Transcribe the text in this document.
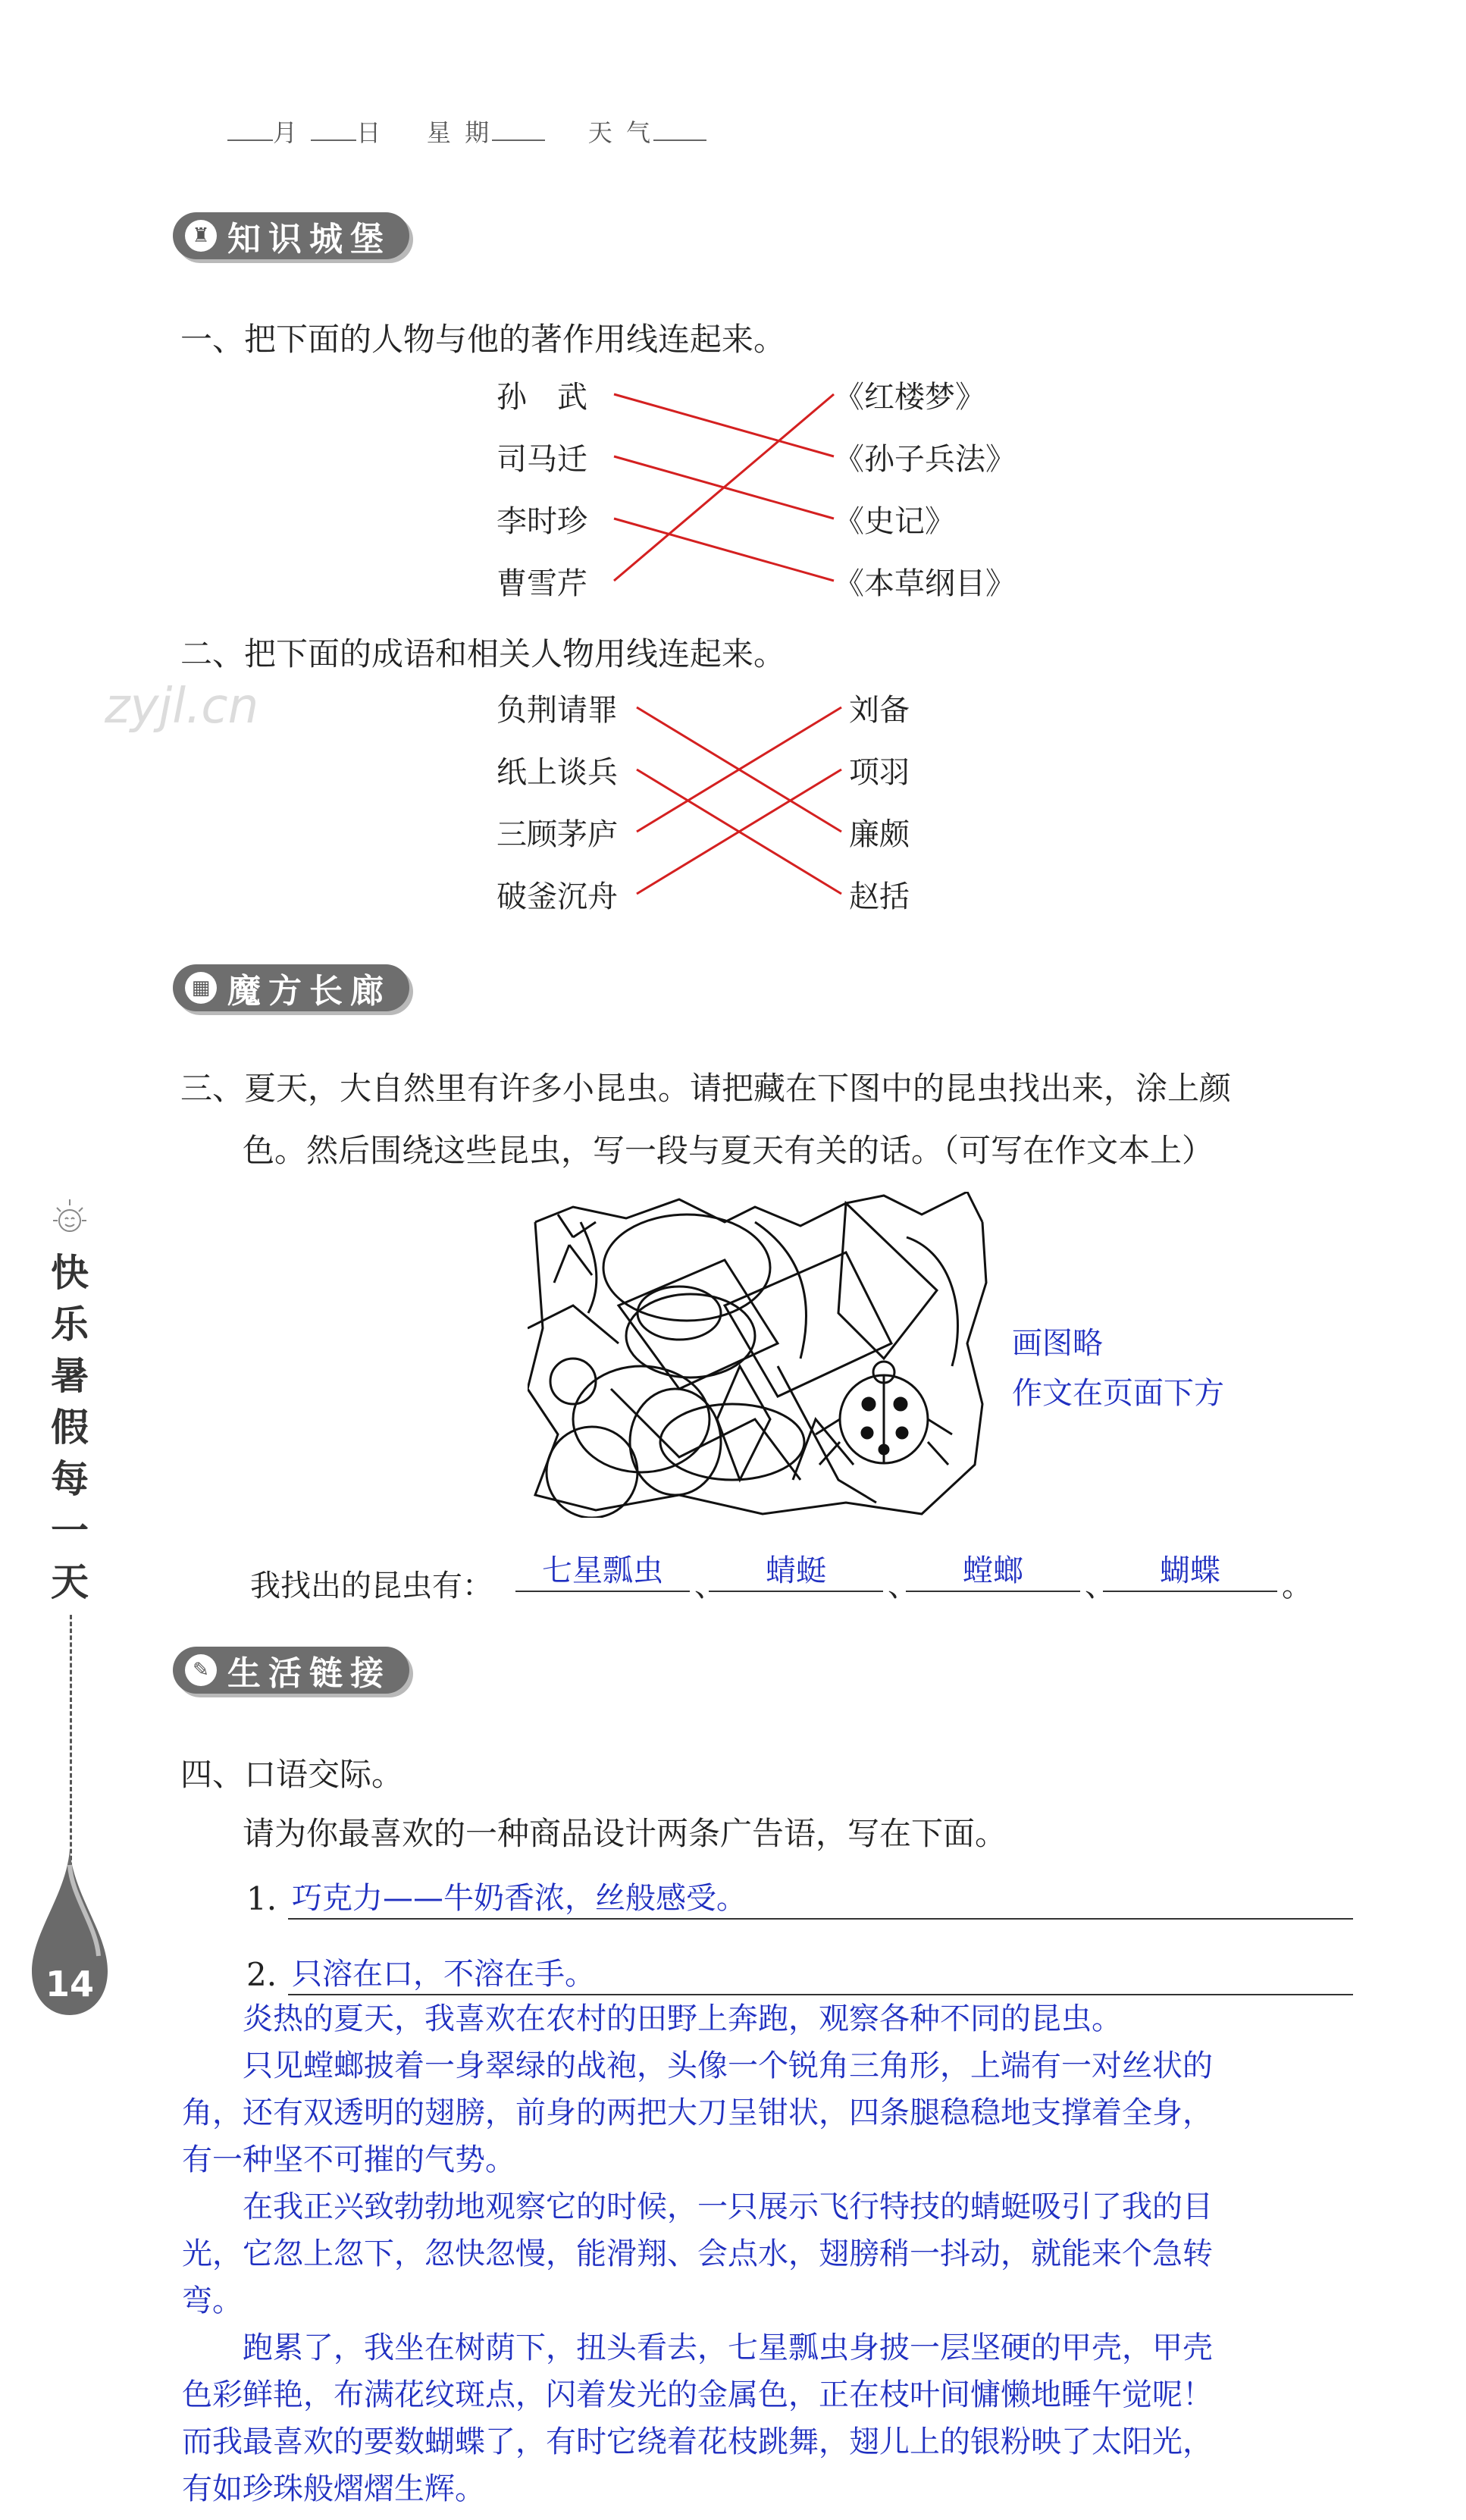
月 日 星 期	天 气
♜ 知识城堡
一、把下面的人物与他的著作用线连起来。
孙　武
司马迁
李时珍
曹雪芹
《红楼梦》
《孙子兵法》
《史记》
《本草纲目》
二、把下面的成语和相关人物用线连起来。
负荆请罪
纸上谈兵
三顾茅庐
破釜沉舟
刘备
项羽
廉颇
赵括
zyjl.cn
▦ 魔方长廊
三、夏天，大自然里有许多小昆虫。请把藏在下图中的昆虫找出来，涂上颜
色。然后围绕这些昆虫，写一段与夏天有关的话。（可写在作文本上）
画图略
作文在页面下方
我找出的昆虫有：	七星瓢虫	、	蜻蜓	、	螳螂	、	蝴蝶	。
✎ 生活链接
四、口语交际。
请为你最喜欢的一种商品设计两条广告语，写在下面。
1. 巧克力——牛奶香浓，丝般感受。
2. 只溶在口，不溶在手。
　　炎热的夏天，我喜欢在农村的田野上奔跑，观察各种不同的昆虫。
　　只见螳螂披着一身翠绿的战袍，头像一个锐角三角形，上端有一对丝状的
角，还有双透明的翅膀，前身的两把大刀呈钳状，四条腿稳稳地支撑着全身，
有一种坚不可摧的气势。
　　在我正兴致勃勃地观察它的时候，一只展示飞行特技的蜻蜓吸引了我的目
光，它忽上忽下，忽快忽慢，能滑翔、会点水，翅膀稍一抖动，就能来个急转
弯。
　　跑累了，我坐在树荫下，扭头看去，七星瓢虫身披一层坚硬的甲壳，甲壳
色彩鲜艳，布满花纹斑点，闪着发光的金属色，正在枝叶间慵懒地睡午觉呢！
而我最喜欢的要数蝴蝶了，有时它绕着花枝跳舞，翅儿上的银粉映了太阳光，
有如珍珠般熠熠生辉。
快
乐
暑
假
每
一
天
14
